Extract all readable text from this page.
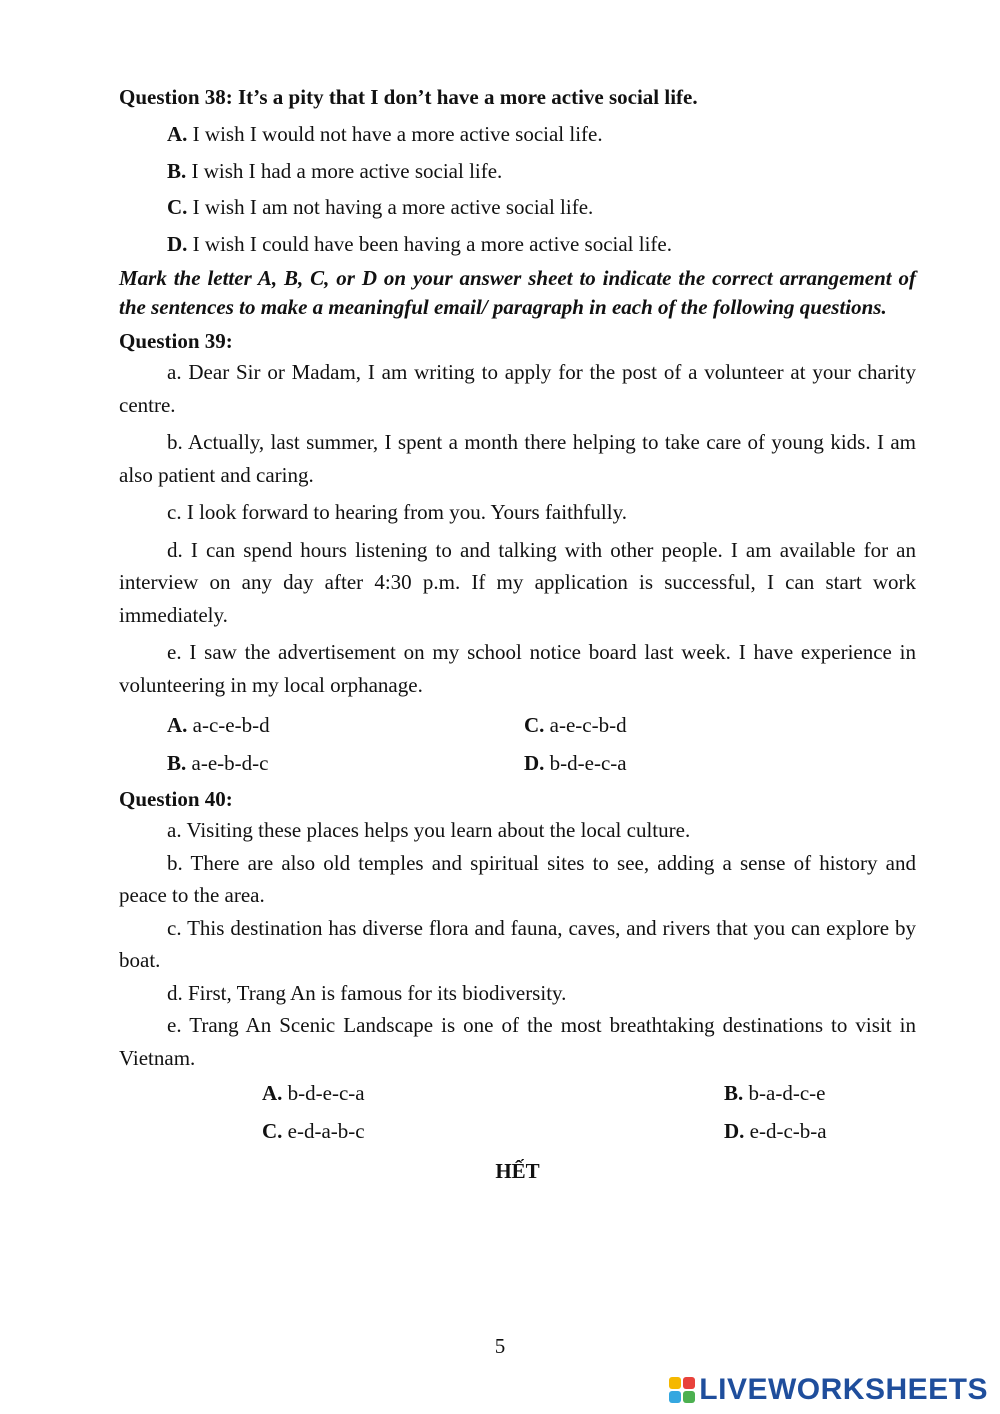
Question 38: It’s a pity that I don’t have a more active social life.

A. I wish I would not have a more active social life.

B. I wish I had a more active social life.

C. I wish I am not having a more active social life.

D. I wish I could have been having a more active social life.

Mark the letter A, B, C, or D on your answer sheet to indicate the correct arrangement of the sentences to make a meaningful email/ paragraph in each of the following questions.

Question 39:

a. Dear Sir or Madam, I am writing to apply for the post of a volunteer at your charity centre.

b. Actually, last summer, I spent a month there helping to take care of young kids. I am also patient and caring.

c. I look forward to hearing from you. Yours faithfully.

d. I can spend hours listening to and talking with other people. I am available for an interview on any day after 4:30 p.m. If my application is successful, I can start work immediately.

e. I saw the advertisement on my school notice board last week. I have experience in volunteering in my local orphanage.

A. a-c-e-b-d	C. a-e-c-b-d
B. a-e-b-d-c	D. b-d-e-c-a

Question 40:

a. Visiting these places helps you learn about the local culture.

b. There are also old temples and spiritual sites to see, adding a sense of history and peace to the area.

c. This destination has diverse flora and fauna, caves, and rivers that you can explore by boat.

d. First, Trang An is famous for its biodiversity.

e. Trang An Scenic Landscape is one of the most breathtaking destinations to visit in Vietnam.

A. b-d-e-c-a	B. b-a-d-c-e
C. e-d-a-b-c	D. e-d-c-b-a
HẾT
5
LIVEWORKSHEETS
